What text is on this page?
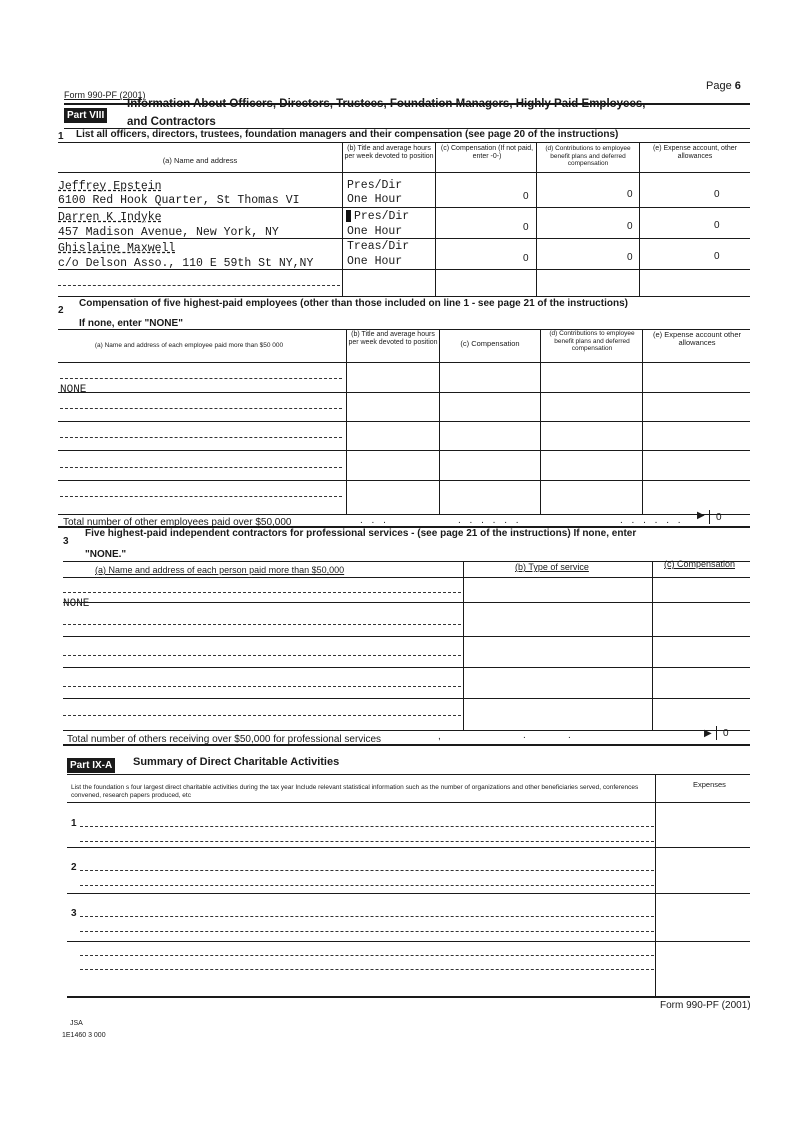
Form 990-PF (2001)
Page 6
Part VIII
Information About Officers, Directors, Trustees, Foundation Managers, Highly Paid Employees,
and Contractors
1 List all officers, directors, trustees, foundation managers and their compensation (see page 20 of the instructions)
(a) Name and address
(b) Title and average hours per week devoted to position
(c) Compensation (If not paid, enter -0-)
(d) Contributions to employee benefit plans and deferred compensation
(e) Expense account, other allowances
Jeffrey Epstein
6100 Red Hook Quarter, St Thomas VI
Pres/Dir
One Hour	0	0	0
Darren K Indyke
457 Madison Avenue, New York, NY
Pres/Dir
One Hour	0	0	0
Ghislaine Maxwell
c/o Delson Asso., 110 E 59th St NY,NY
Treas/Dir
One Hour	0	0	0
2
Compensation of five highest-paid employees (other than those included on line 1 - see page 21 of the instructions)
If none, enter "NONE"
(a) Name and address of each employee paid more than $50 000
(b) Title and average hours per week devoted to position	(c) Compensation
(d) Contributions to employee benefit plans and deferred compensation
(e) Expense account other allowances
NONE
Total number of other employees paid over $50,000	. . .	. . . . . .	. . . . . . ▶ 0
3
Five highest-paid independent contractors for professional services - (see page 21 of the instructions) If none, enter
"NONE."
(a) Name and address of each person paid more than $50,000	(b) Type of service	(c) Compensation
NONE
Total number of others receiving over $50,000 for professional services	,	.	.	▶ 0
Part IX-A Summary of Direct Charitable Activities
List the foundation s four largest direct charitable activities during the tax year Include relevant statistical information such as the number of organizations and other beneficiaries served, conferences convened, research papers produced, etc
Expenses
1
2
3
Form 990-PF (2001)
JSA
1E1460 3 000
